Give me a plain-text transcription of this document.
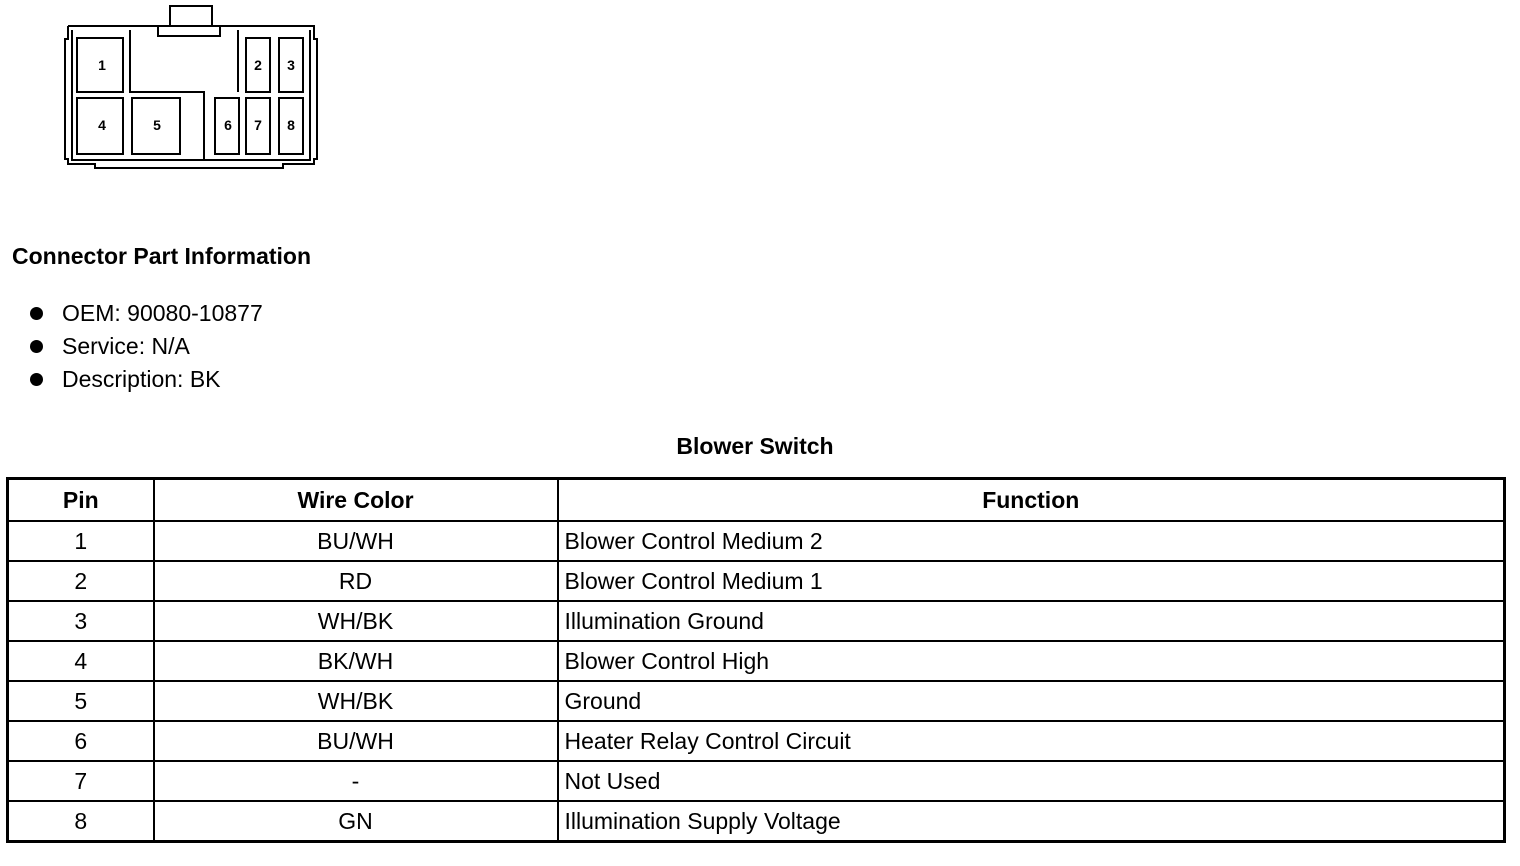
1	2 3
4	5	6 7 8
Connector Part Information
OEM: 90080-10877
Service: N/A
Description: BK
Blower Switch
Pin	Wire Color	Function
1	BU/WH	Blower Control Medium 2
2	RD	Blower Control Medium 1
3	WH/BK	Illumination Ground
4	BK/WH	Blower Control High
5	WH/BK	Ground
6	BU/WH	Heater Relay Control Circuit
7	-	Not Used
8	GN	Illumination Supply Voltage
